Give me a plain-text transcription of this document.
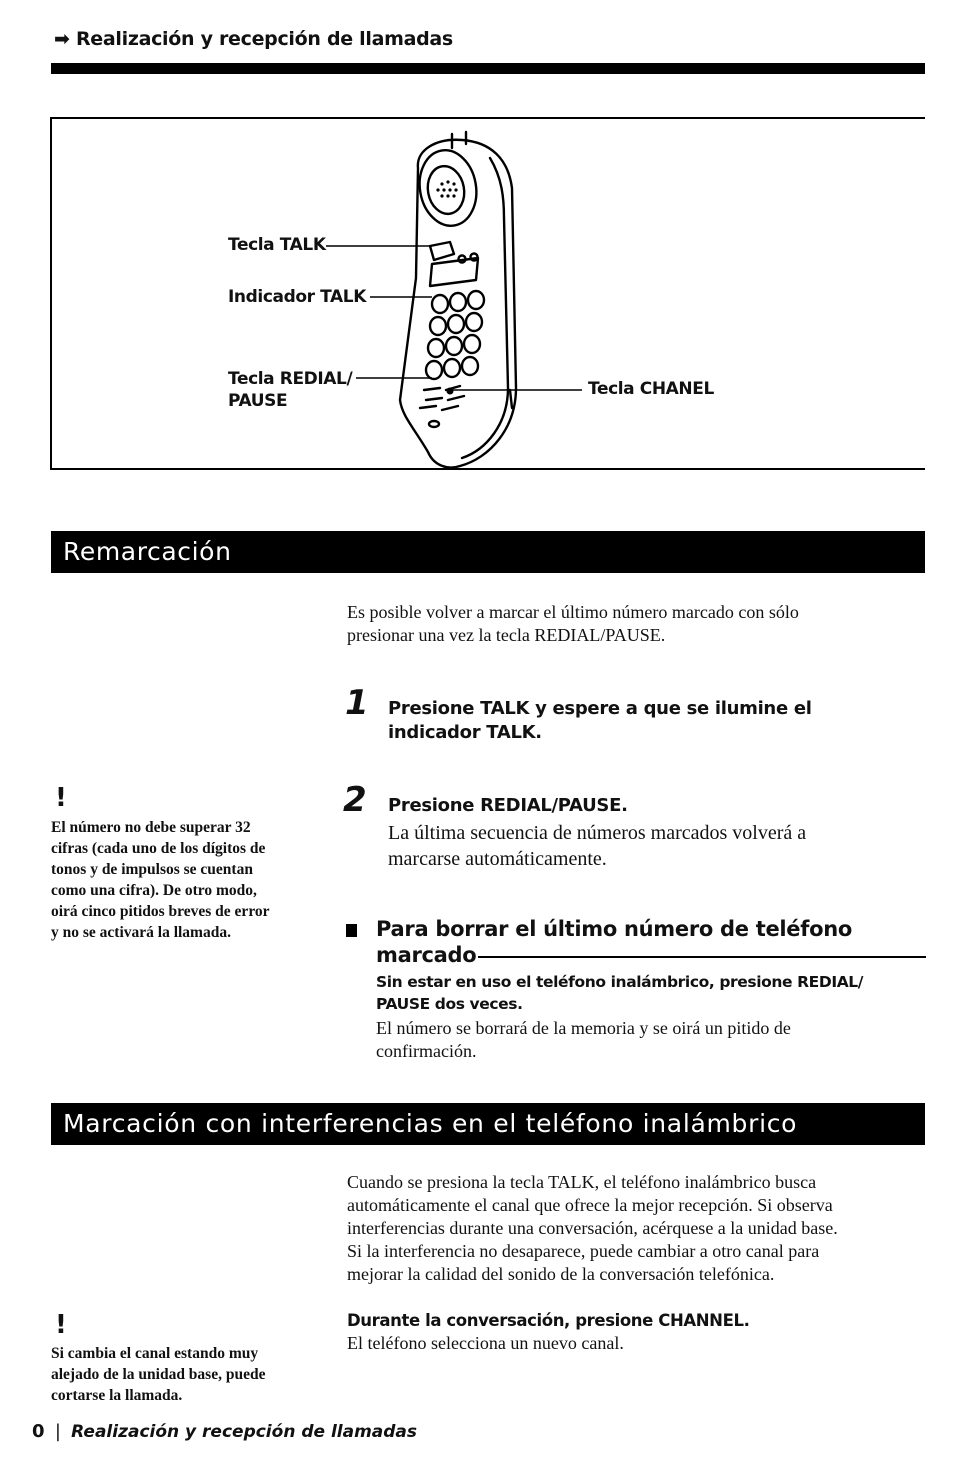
➡ Realización y recepción de llamadas
Tecla TALK
Indicador TALK
Tecla REDIAL/
PAUSE
Tecla CHANEL
Remarcación
Es posible volver a marcar el último número marcado con sólo
presionar una vez la tecla REDIAL/PAUSE.
1 Presione TALK y espere a que se ilumine el
indicador TALK.
!
El número no debe superar 32
cifras (cada uno de los dígitos de
tonos y de impulsos se cuentan
como una cifra). De otro modo,
oirá cinco pitidos breves de error
y no se activará la llamada.
2 Presione REDIAL/PAUSE.
La última secuencia de números marcados volverá a
marcarse automáticamente.
Para borrar el último número de teléfono
marcado
Sin estar en uso el teléfono inalámbrico, presione REDIAL/
PAUSE dos veces.
El número se borrará de la memoria y se oirá un pitido de
confirmación.
Marcación con interferencias en el teléfono inalámbrico
Cuando se presiona la tecla TALK, el teléfono inalámbrico busca
automáticamente el canal que ofrece la mejor recepción. Si observa
interferencias durante una conversación, acérquese a la unidad base.
Si la interferencia no desaparece, puede cambiar a otro canal para
mejorar la calidad del sonido de la conversación telefónica.
!
Si cambia el canal estando muy
alejado de la unidad base, puede
cortarse la llamada.
Durante la conversación, presione CHANNEL.
El teléfono selecciona un nuevo canal.
0 | Realización y recepción de llamadas
